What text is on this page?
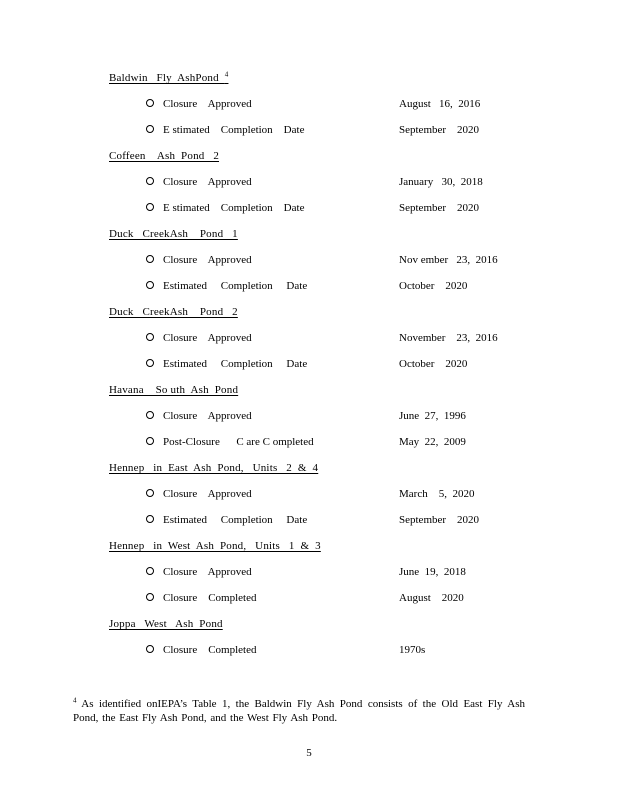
Baldwin   Fly  AshPond  $^4$
Closure    Approved	August   16,  2016
E stimated    Completion    Date	September    2020
Coffeen    Ash  Pond   2
Closure    Approved	January   30,  2018
E stimated    Completion    Date	September    2020
Duck   CreekAsh    Pond   1
Closure    Approved	Nov ember   23,  2016
Estimated     Completion     Date	October    2020
Duck   CreekAsh    Pond   2
Closure    Approved	November    23,  2016
Estimated     Completion     Date	October    2020
Havana    So uth  Ash  Pond
Closure    Approved	June  27,  1996
Post-Closure      C are C ompleted	May  22,  2009
Hennep   in  East  Ash  Pond,   Units   2  &  4
Closure    Approved	March    5,  2020
Estimated     Completion     Date	September    2020
Hennep   in  West  Ash  Pond,   Units   1  &  3
Closure    Approved	June  19,  2018
Closure    Completed	August    2020
Joppa   West   Ash  Pond
Closure    Completed	1970s
$^4$ As identified onIEPA’s Table 1, the Baldwin Fly Ash Pond consists of the Old East Fly Ash Pond, the East Fly Ash Pond, and the West Fly Ash Pond.
5
